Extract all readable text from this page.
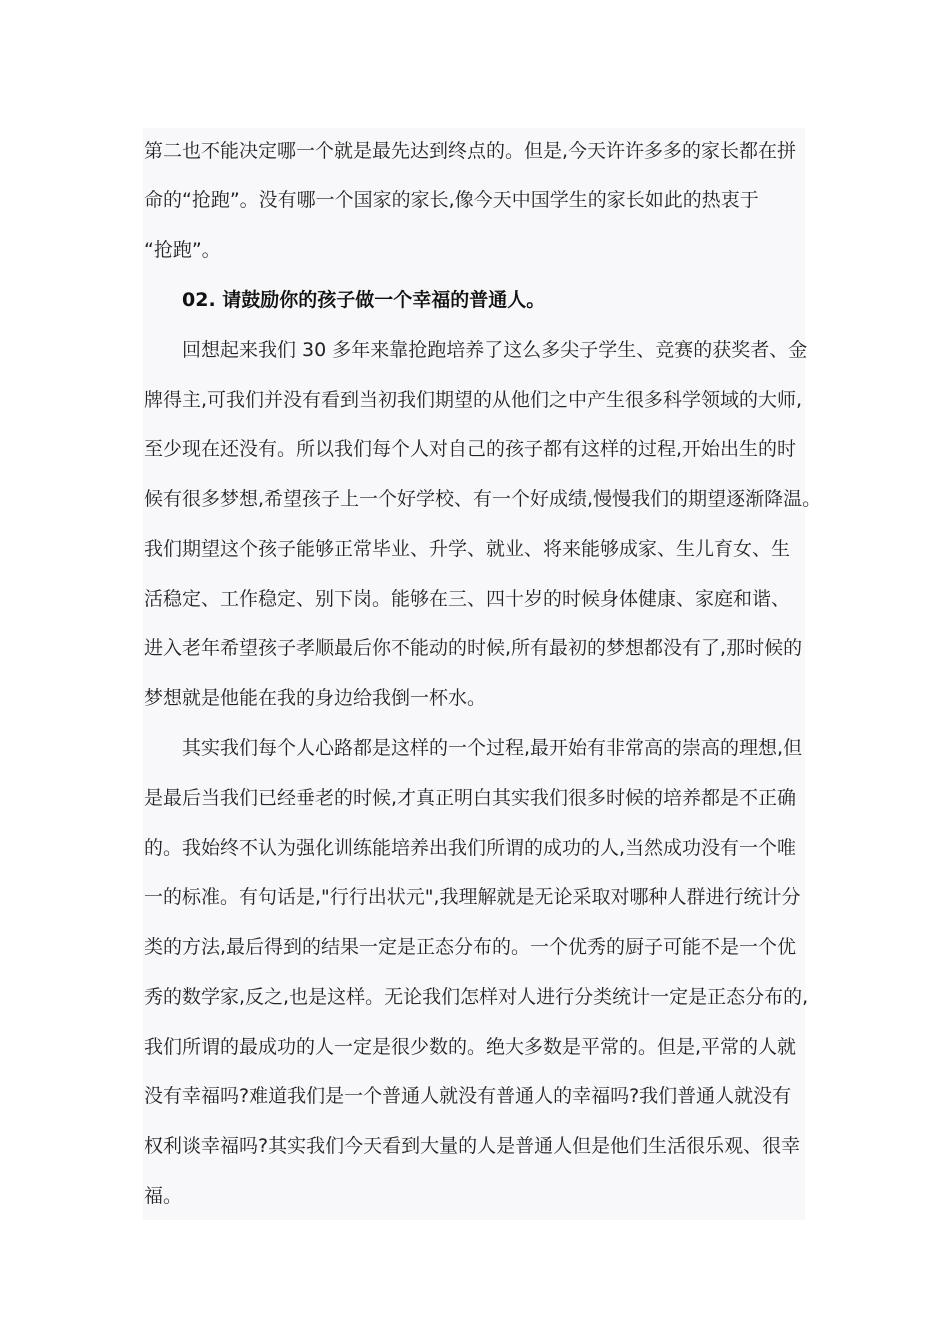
第二也不能决定哪一个就是最先达到终点的。但是,今天许许多多的家长都在拼
命的“抢跑”。没有哪一个国家的家长,像今天中国学生的家长如此的热衷于
“抢跑”。
02. 请鼓励你的孩子做一个幸福的普通人。
回想起来我们 30 多年来靠抢跑培养了这么多尖子学生、竞赛的获奖者、金
牌得主,可我们并没有看到当初我们期望的从他们之中产生很多科学领域的大师,
至少现在还没有。所以我们每个人对自己的孩子都有这样的过程,开始出生的时
候有很多梦想,希望孩子上一个好学校、有一个好成绩,慢慢我们的期望逐渐降温。
我们期望这个孩子能够正常毕业、升学、就业、将来能够成家、生儿育女、生
活稳定、工作稳定、别下岗。能够在三、四十岁的时候身体健康、家庭和谐、
进入老年希望孩子孝顺最后你不能动的时候,所有最初的梦想都没有了,那时候的
梦想就是他能在我的身边给我倒一杯水。
其实我们每个人心路都是这样的一个过程,最开始有非常高的崇高的理想,但
是最后当我们已经垂老的时候,才真正明白其实我们很多时候的培养都是不正确
的。我始终不认为强化训练能培养出我们所谓的成功的人,当然成功没有一个唯
一的标准。有句话是,"行行出状元",我理解就是无论采取对哪种人群进行统计分
类的方法,最后得到的结果一定是正态分布的。一个优秀的厨子可能不是一个优
秀的数学家,反之,也是这样。无论我们怎样对人进行分类统计一定是正态分布的,
我们所谓的最成功的人一定是很少数的。绝大多数是平常的。但是,平常的人就
没有幸福吗?难道我们是一个普通人就没有普通人的幸福吗?我们普通人就没有
权利谈幸福吗?其实我们今天看到大量的人是普通人但是他们生活很乐观、很幸
福。
